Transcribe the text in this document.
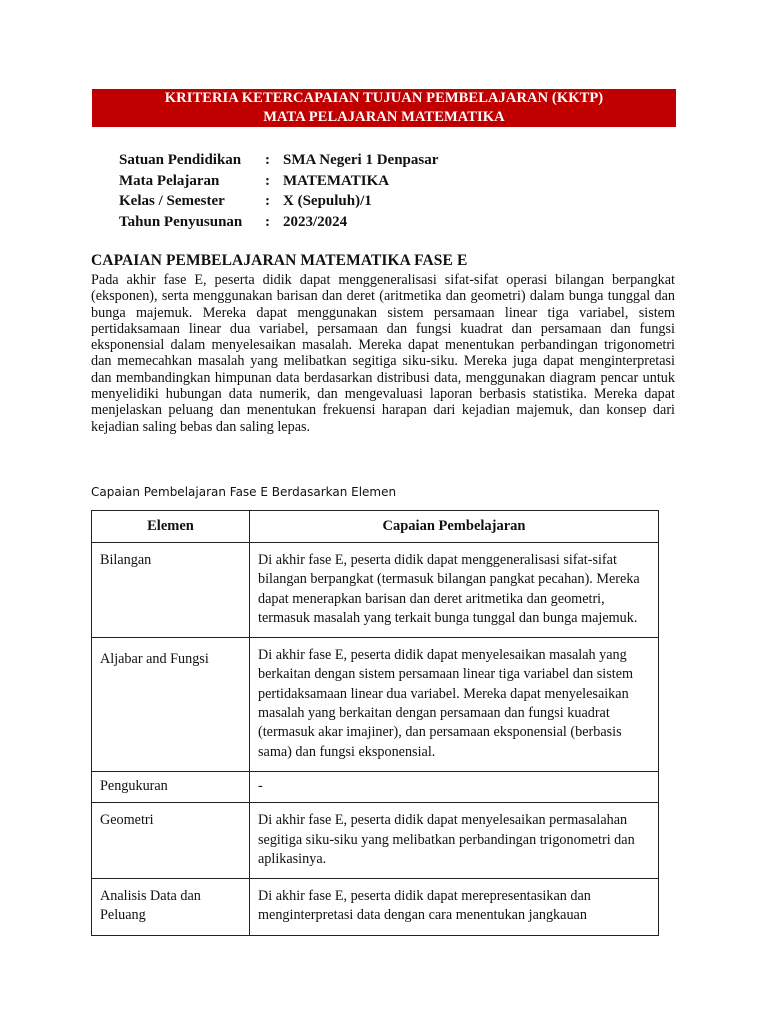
KRITERIA KETERCAPAIAN TUJUAN PEMBELAJARAN (KKTP)
MATA PELAJARAN MATEMATIKA
Satuan Pendidikan	: SMA Negeri 1 Denpasar
Mata Pelajaran	: MATEMATIKA
Kelas / Semester	: X (Sepuluh)/1
Tahun Penyusunan	: 2023/2024
CAPAIAN PEMBELAJARAN MATEMATIKA FASE E
Pada akhir fase E, peserta didik dapat menggeneralisasi sifat-sifat operasi bilangan berpangkat (eksponen), serta menggunakan barisan dan deret (aritmetika dan geometri) dalam bunga tunggal dan bunga majemuk. Mereka dapat menggunakan sistem persamaan linear tiga variabel, sistem pertidaksamaan linear dua variabel, persamaan dan fungsi kuadrat dan persamaan dan fungsi eksponensial dalam menyelesaikan masalah. Mereka dapat menentukan perbandingan trigonometri dan memecahkan masalah yang melibatkan segitiga siku-siku. Mereka juga dapat menginterpretasi dan membandingkan himpunan data berdasarkan distribusi data, menggunakan diagram pencar untuk menyelidiki hubungan data numerik, dan mengevaluasi laporan berbasis statistika. Mereka dapat menjelaskan peluang dan menentukan frekuensi harapan dari kejadian majemuk, dan konsep dari kejadian saling bebas dan saling lepas.
Capaian Pembelajaran Fase E Berdasarkan Elemen
Elemen	Capaian Pembelajaran
Bilangan	Di akhir fase E, peserta didik dapat menggeneralisasi sifat-sifat bilangan berpangkat (termasuk bilangan pangkat pecahan). Mereka dapat menerapkan barisan dan deret aritmetika dan geometri, termasuk masalah yang terkait bunga tunggal dan bunga majemuk.
Aljabar and Fungsi	Di akhir fase E, peserta didik dapat menyelesaikan masalah yang berkaitan dengan sistem persamaan linear tiga variabel dan sistem pertidaksamaan linear dua variabel. Mereka dapat menyelesaikan masalah yang berkaitan dengan persamaan dan fungsi kuadrat (termasuk akar imajiner), dan persamaan eksponensial (berbasis sama) dan fungsi eksponensial.
Pengukuran	-
Geometri	Di akhir fase E, peserta didik dapat menyelesaikan permasalahan segitiga siku-siku yang melibatkan perbandingan trigonometri dan aplikasinya.
Analisis Data dan Peluang	Di akhir fase E, peserta didik dapat merepresentasikan dan menginterpretasi data dengan cara menentukan jangkauan
